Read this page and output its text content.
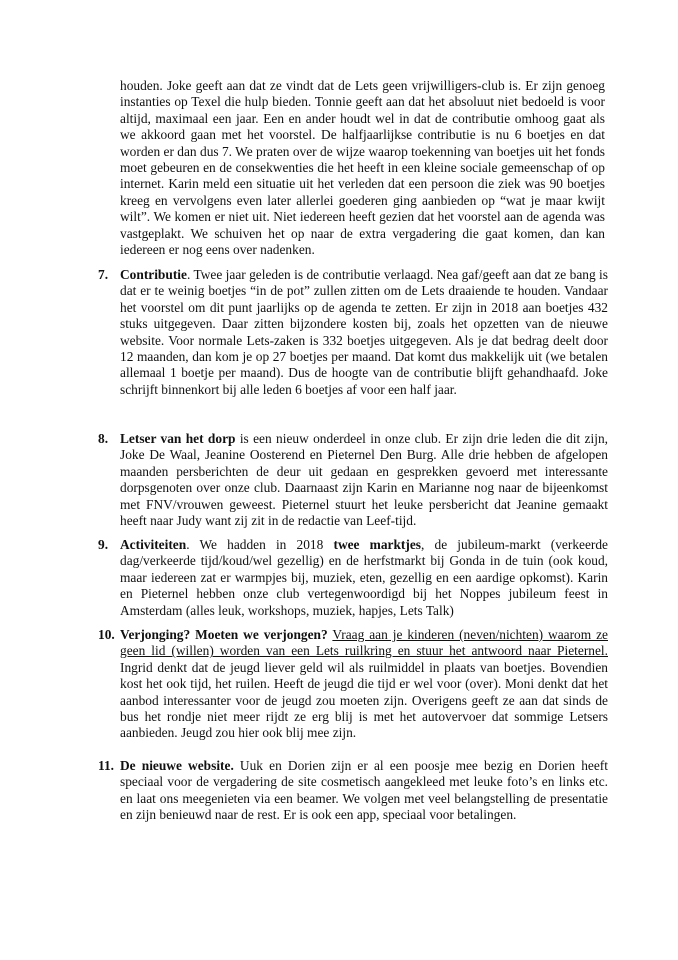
houden. Joke geeft aan dat ze vindt dat de Lets geen vrijwilligers-club is. Er zijn genoeg instanties op Texel die hulp bieden. Tonnie geeft aan dat het absoluut niet bedoeld is voor altijd, maximaal een jaar. Een en ander houdt wel in dat de contributie omhoog gaat als we akkoord gaan met het voorstel. De halfjaarlijkse contributie is nu 6 boetjes en dat worden er dan dus 7. We praten over de wijze waarop toekenning van boetjes uit het fonds moet gebeuren en de consekwenties die het heeft in een kleine sociale gemeenschap of op internet. Karin meld een situatie uit het verleden dat een persoon die ziek was 90 boetjes kreeg en vervolgens even later allerlei goederen ging aanbieden op “wat je maar kwijt wilt”. We komen er niet uit. Niet iedereen heeft gezien dat het voorstel aan de agenda was vastgeplakt. We schuiven het op naar de extra vergadering die gaat komen, dan kan iedereen er nog eens over nadenken.

7. Contributie. Twee jaar geleden is de contributie verlaagd. Nea gaf/geeft aan dat ze bang is dat er te weinig boetjes “in de pot” zullen zitten om de Lets draaiende te houden. Vandaar het voorstel om dit punt jaarlijks op de agenda te zetten. Er zijn in 2018 aan boetjes 432 stuks uitgegeven. Daar zitten bijzondere kosten bij, zoals het opzetten van de nieuwe website. Voor normale Lets-zaken is 332 boetjes uitgegeven. Als je dat bedrag deelt door 12 maanden, dan kom je op 27 boetjes per maand. Dat komt dus makkelijk uit (we betalen allemaal 1 boetje per maand). Dus de hoogte van de contributie blijft gehandhaafd. Joke schrijft binnenkort bij alle leden 6 boetjes af voor een half jaar.
8. Letser van het dorp is een nieuw onderdeel in onze club. Er zijn drie leden die dit zijn, Joke De Waal, Jeanine Oosterend en Pieternel Den Burg. Alle drie hebben de afgelopen maanden persberichten de deur uit gedaan en gesprekken gevoerd met interessante dorpsgenoten over onze club. Daarnaast zijn Karin en Marianne nog naar de bijeenkomst met FNV/vrouwen geweest. Pieternel stuurt het leuke persbericht dat Jeanine gemaakt heeft naar Judy want zij zit in de redactie van Leef-tijd.
9. Activiteiten. We hadden in 2018 twee marktjes, de jubileum-markt (verkeerde dag/verkeerde tijd/koud/wel gezellig) en de herfstmarkt bij Gonda in de tuin (ook koud, maar iedereen zat er warmpjes bij, muziek, eten, gezellig en een aardige opkomst). Karin en Pieternel hebben onze club vertegenwoordigd bij het Noppes jubileum feest in Amsterdam (alles leuk, workshops, muziek, hapjes, Lets Talk)
10. Verjonging? Moeten we verjongen? Vraag aan je kinderen (neven/nichten) waarom ze geen lid (willen) worden van een Lets ruilkring en stuur het antwoord naar Pieternel. Ingrid denkt dat de jeugd liever geld wil als ruilmiddel in plaats van boetjes. Bovendien kost het ook tijd, het ruilen. Heeft de jeugd die tijd er wel voor (over). Moni denkt dat het aanbod interessanter voor de jeugd zou moeten zijn. Overigens geeft ze aan dat sinds de bus het rondje niet meer rijdt ze erg blij is met het autovervoer dat sommige Letsers aanbieden. Jeugd zou hier ook blij mee zijn.
11. De nieuwe website. Uuk en Dorien zijn er al een poosje mee bezig en Dorien heeft speciaal voor de vergadering de site cosmetisch aangekleed met leuke foto’s en links etc. en laat ons meegenieten via een beamer. We volgen met veel belangstelling de presentatie en zijn benieuwd naar de rest. Er is ook een app, speciaal voor betalingen.
